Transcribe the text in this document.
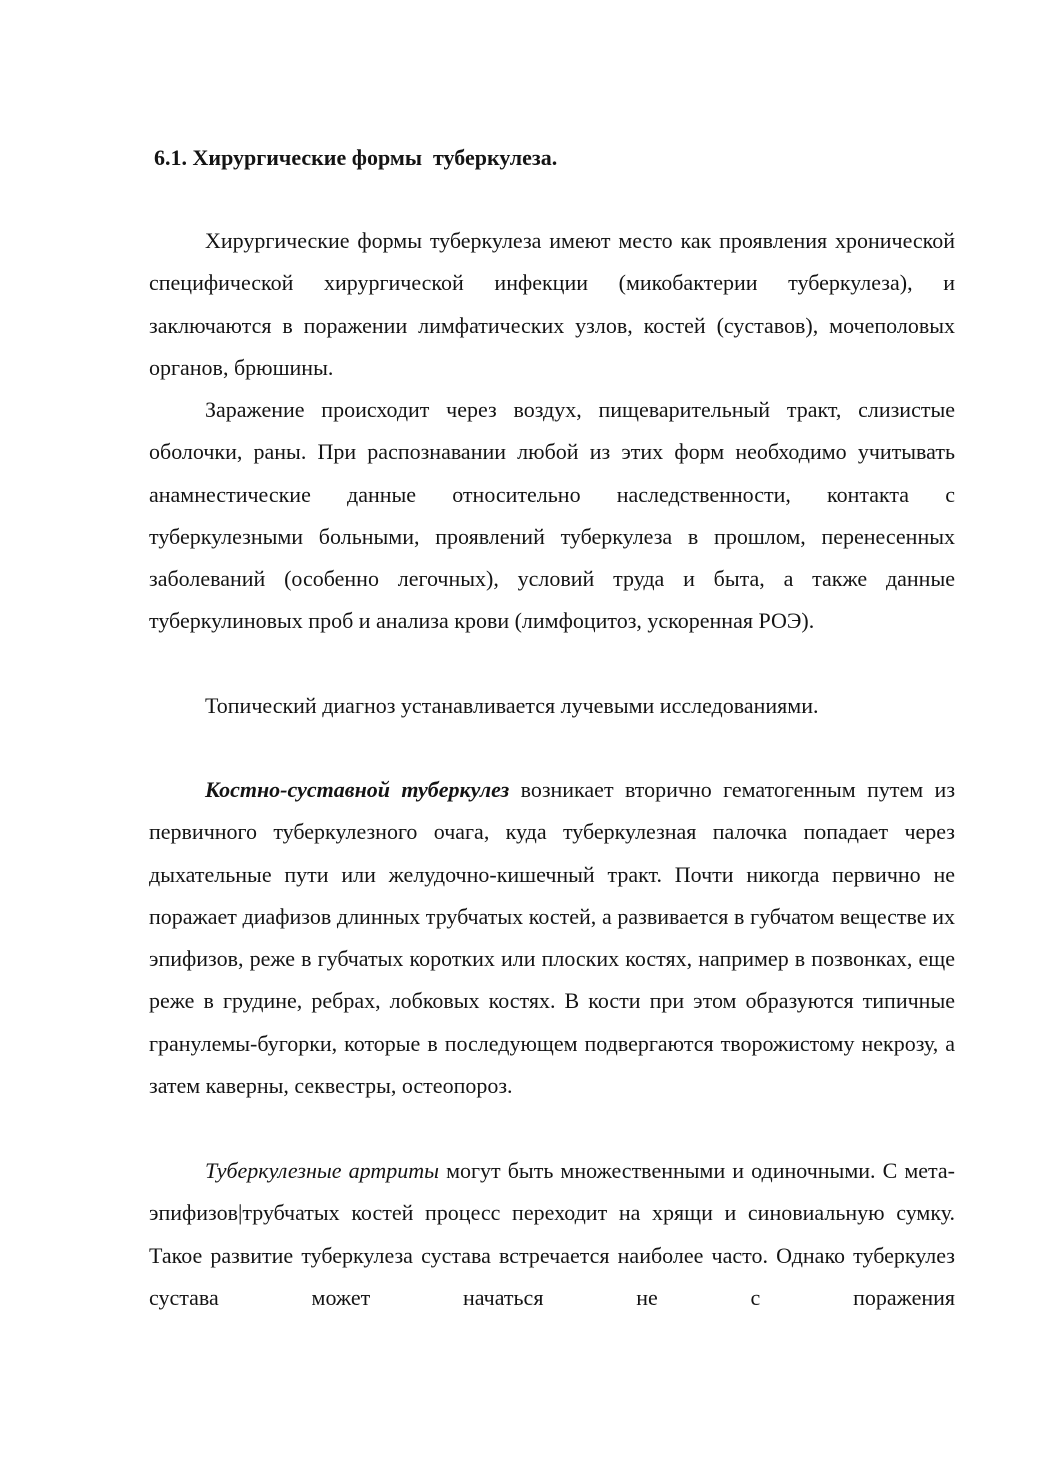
6.1. Хирургические формы  туберкулеза.

Хирургические формы туберкулеза имеют место как проявления хронической специфической хирургической инфекции (микобактерии туберкулеза), и заключаются в поражении лимфатических узлов, костей (суставов), мочеполовых органов, брюшины.

Заражение происходит через воздух, пищеварительный тракт, слизистые оболочки, раны. При распознавании любой из этих форм необходимо учитывать анамнестические данные относительно наследственности, контакта с туберкулезными больными, проявлений туберкулеза в прошлом, перенесенных заболеваний (особенно легочных), условий труда и быта, а также данные туберкулиновых проб и анализа крови (лимфоцитоз, ускоренная РОЭ).

Топический диагноз устанавливается лучевыми исследованиями.

Костно-суставной туберкулез возникает вторично гематогенным путем из первичного туберкулезного очага, куда туберкулезная палочка попадает через дыхательные пути или желудочно-кишечный тракт. Почти никогда первично не поражает диафизов длинных трубчатых костей, а развивается в губчатом веществе их эпифизов, реже в губчатых коротких или плоских костях, например в позвонках, еще реже в грудине, ребрах, лобковых костях. В кости при этом образуются типичные гранулемы-бугорки, которые в последующем подвергаются творожистому некрозу, а затем каверны, секвестры, остеопороз.

Туберкулезные артриты могут быть множественными и одиночными. С мета-эпифизов|трубчатых костей процесс переходит на хрящи и синовиальную сумку. Такое развитие туберкулеза сустава встречается наиболее часто. Однако туберкулез сустава может начаться не с поражения
